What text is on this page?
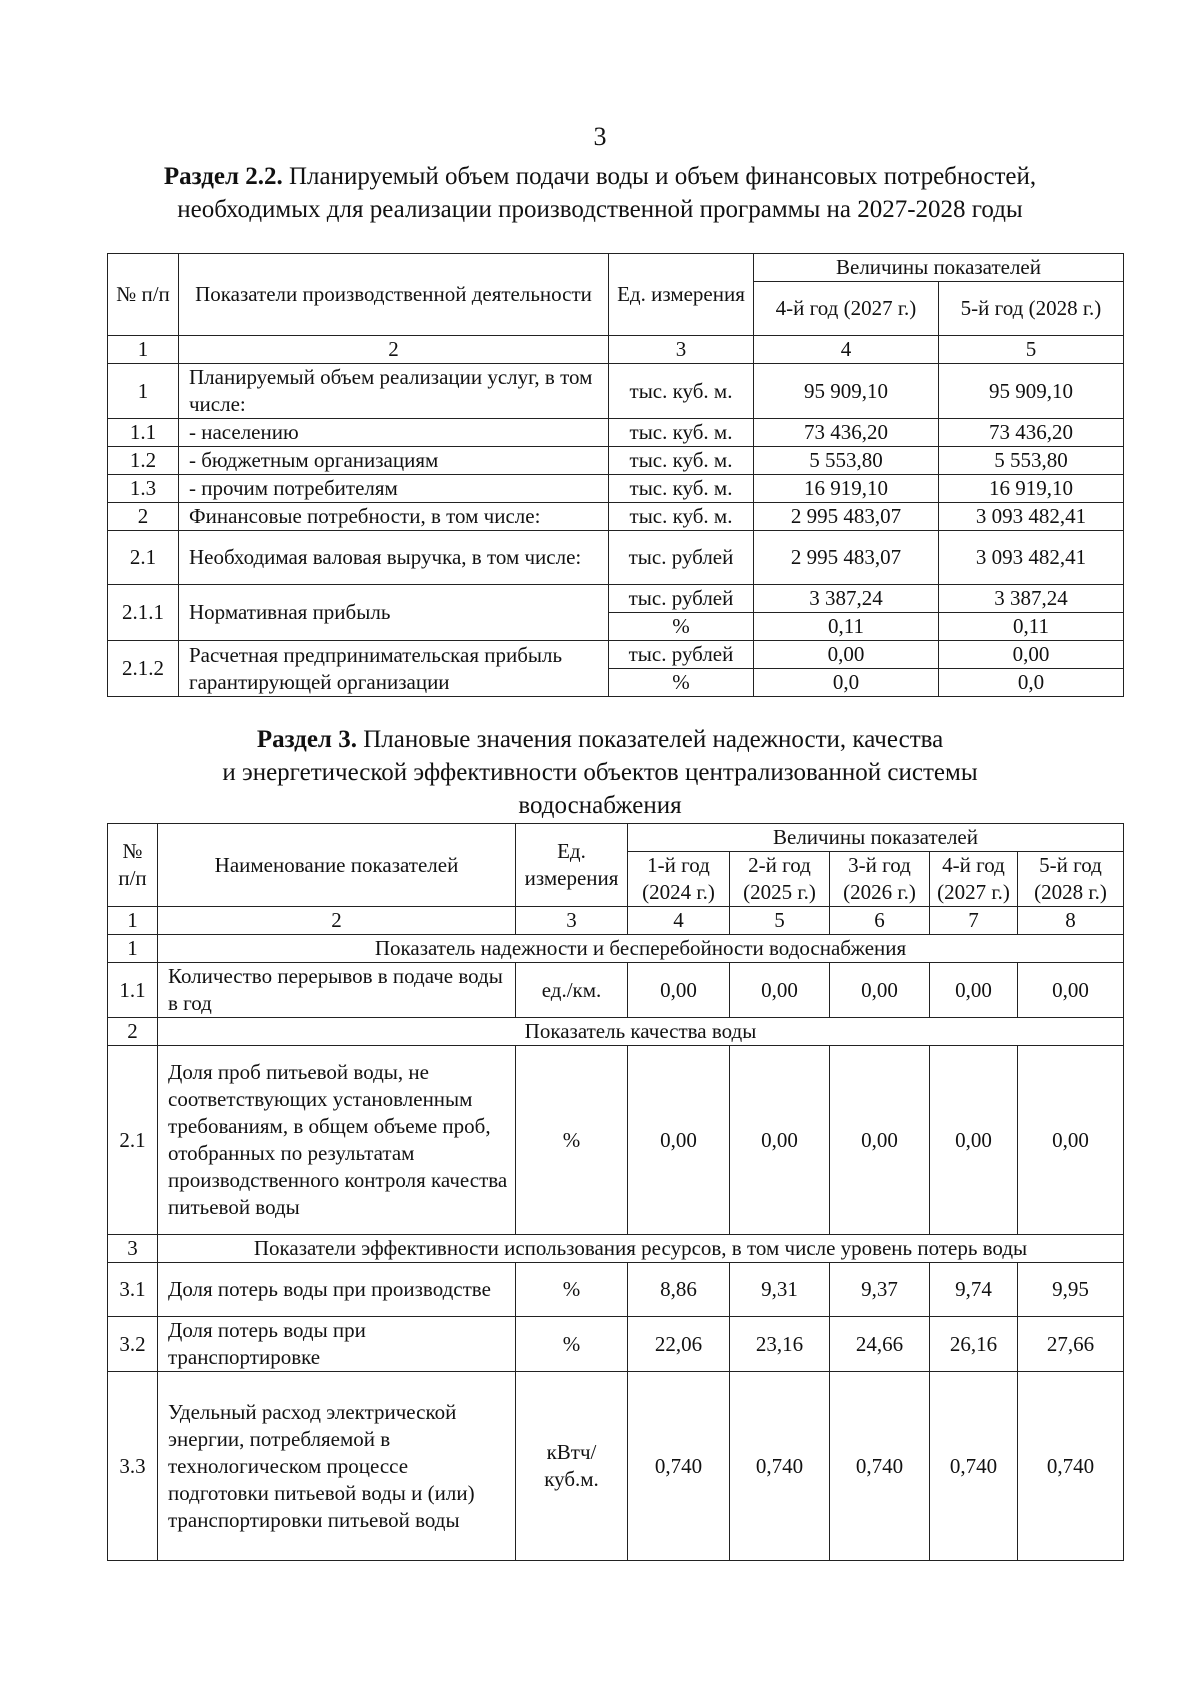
3
Раздел 2.2. Планируемый объем подачи воды и объем финансовых потребностей,
необходимых для реализации производственной программы на 2027-2028 годы
№ п/п	Показатели производственной деятельности	Ед. измерения	Величины показателей	
			4-й год (2027 г.)	5-й год (2028 г.)
1	2	3	4	5
1	Планируемый объем реализации услуг, в том числе:	тыс. куб. м.	95 909,10	95 909,10
1.1	- населению	тыс. куб. м.	73 436,20	73 436,20
1.2	- бюджетным организациям	тыс. куб. м.	5 553,80	5 553,80
1.3	- прочим потребителям	тыс. куб. м.	16 919,10	16 919,10
2	Финансовые потребности, в том числе:	тыс. куб. м.	2 995 483,07	3 093 482,41
2.1	Необходимая валовая выручка, в том числе:	тыс. рублей	2 995 483,07	3 093 482,41
2.1.1	Нормативная прибыль	тыс. рублей	3 387,24	3 387,24
		%	0,11	0,11
2.1.2	Расчетная предпринимательская прибыль гарантирующей организации	тыс. рублей	0,00	0,00
		%	0,0	0,0
Раздел 3. Плановые значения показателей надежности, качества
и энергетической эффективности объектов централизованной системы
водоснабжения
№ п/п	Наименование показателей	Ед. измерения	Величины показателей				
			1-й год (2024 г.)	2-й год (2025 г.)	3-й год (2026 г.)	4-й год (2027 г.)	5-й год (2028 г.)
1	2	3	4	5	6	7	8
1	Показатель надежности и бесперебойности водоснабжения						
1.1	Количество перерывов в подаче воды в год	ед./км.	0,00	0,00	0,00	0,00	0,00
2	Показатель качества воды						
2.1	Доля проб питьевой воды, не соответствующих установленным требованиям, в общем объеме проб, отобранных по результатам производственного контроля качества питьевой воды	%	0,00	0,00	0,00	0,00	0,00
3	Показатели эффективности использования ресурсов, в том числе уровень потерь воды						
3.1	Доля потерь воды при производстве	%	8,86	9,31	9,37	9,74	9,95
3.2	Доля потерь воды при транспортировке	%	22,06	23,16	24,66	26,16	27,66
3.3	Удельный расход электрической энергии, потребляемой в технологическом процессе подготовки питьевой воды и (или) транспортировки питьевой воды	кВтч/куб.м.	0,740	0,740	0,740	0,740	0,740
